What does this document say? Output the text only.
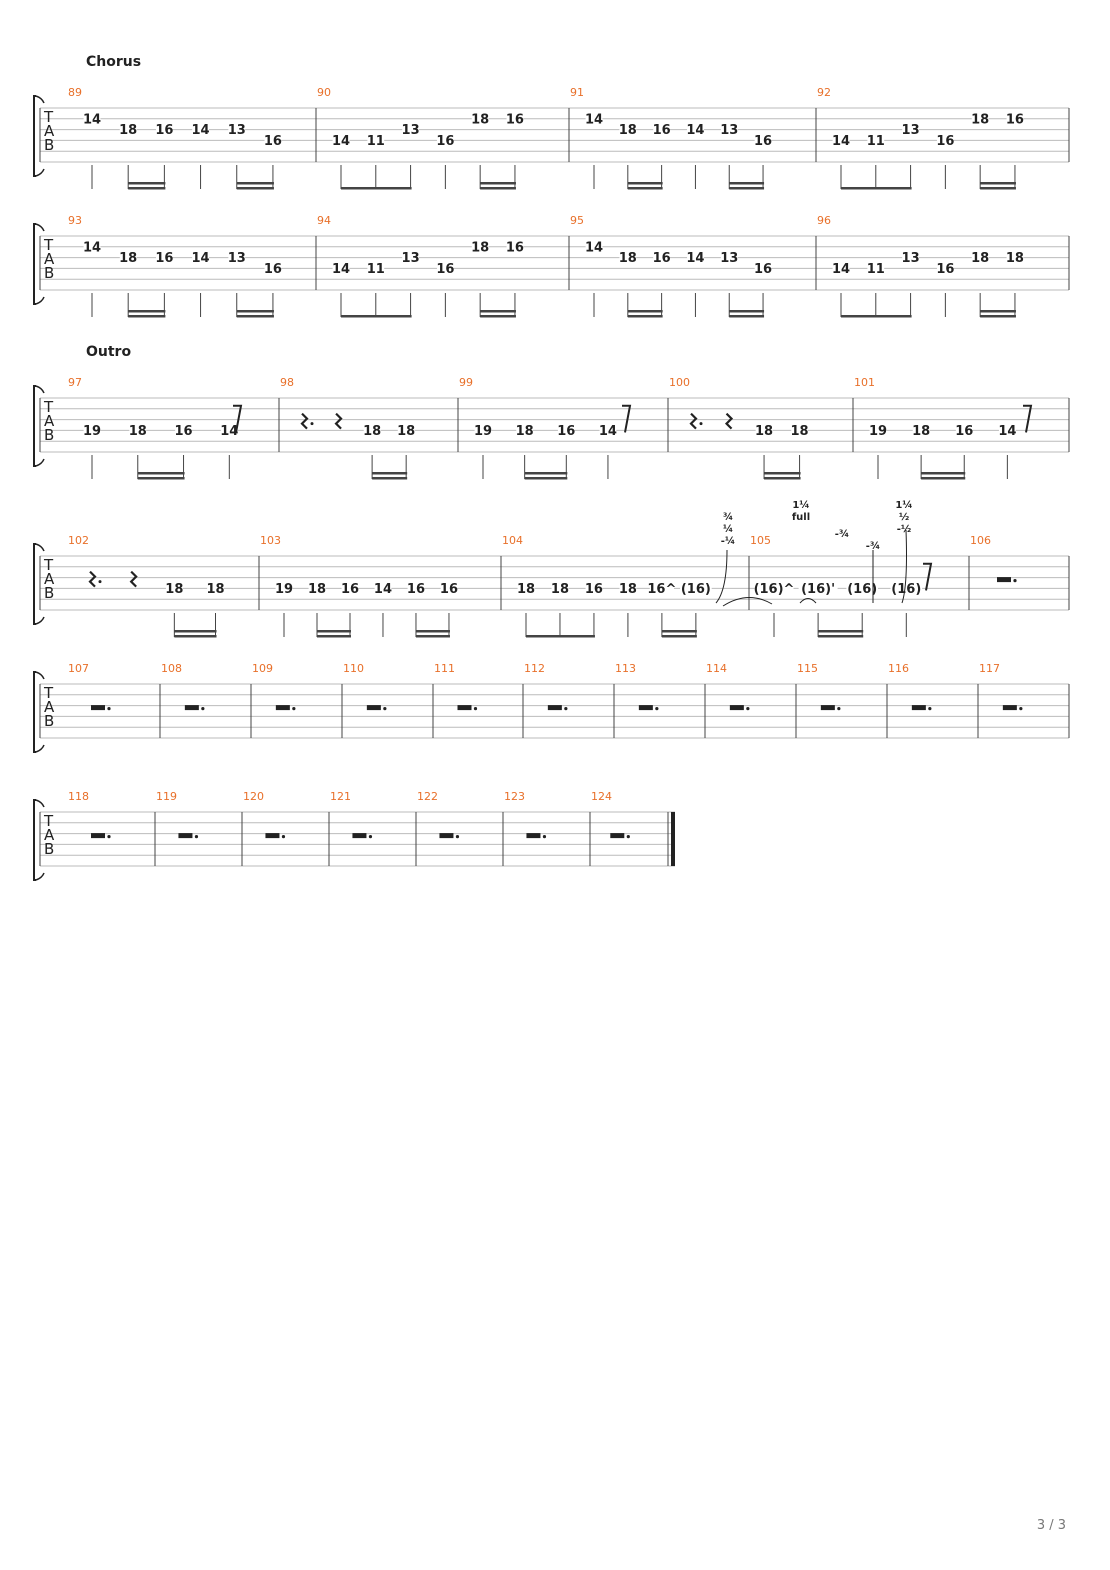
Chorus
Outro
T
A
B
89
14
18 16 14 13
16
90
14 11
13
16
18 16
91
14
18 16 14 13
16
92
14 11
13
16
18 16
T
A
B
93
14
18 16 14 13
16
94
14 11
13
16
18 16
95
14
18 16 14 13
16
96
14 11
13
16
18 18
T
A
B
97
19 18 16 14
98
18 18
99
19 18 16 14
100
18 18
101
19 18 16 14
T
A
B
102
18 18
103
19 18 16 14 16 16
104
18 18 16 18 16^ (16)
105
(16)^ (16)' (16) (16)
106
¾
¼
-¼
1¼
full
-¾
-¾
1¼
½
-½
T
A
B
107	108	109	110	111	112	113	114	115	116	117
T
A
B
118	119	120	121	122	123	124
3 / 3
